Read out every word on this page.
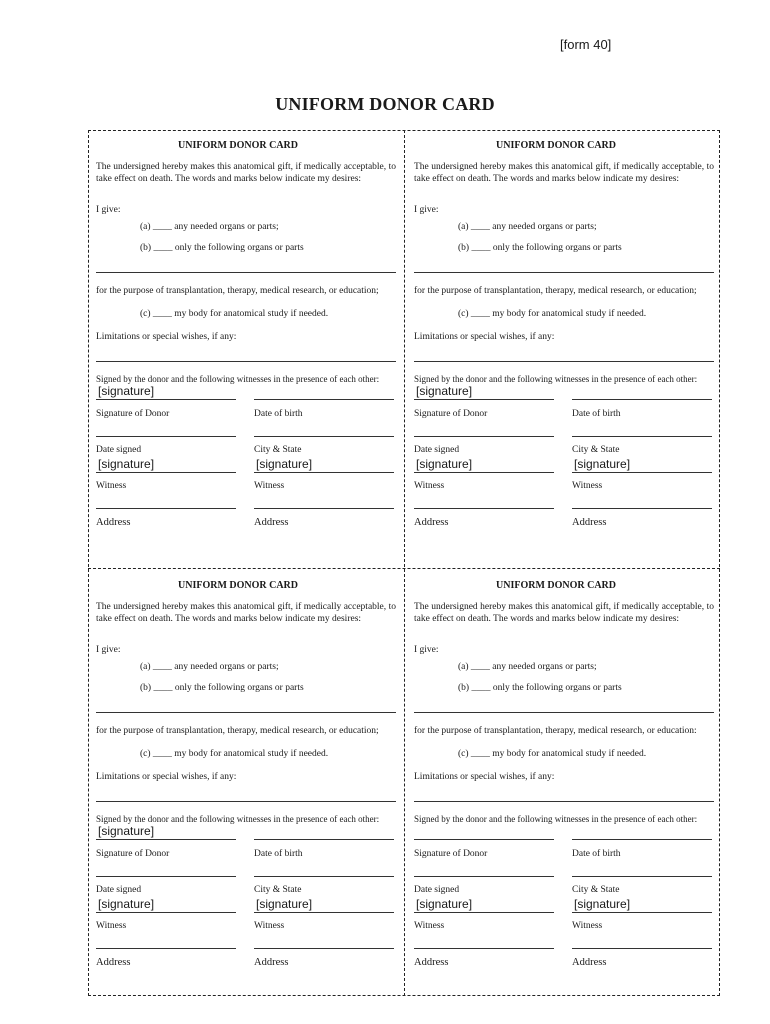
[form 40]
UNIFORM DONOR CARD
UNIFORM DONOR CARD
The undersigned hereby makes this anatomical gift, if medically acceptable, to take effect on death. The words and marks below indicate my desires:
I give:
(a) ____ any needed organs or parts;
(b) ____ only the following organs or parts
for the purpose of transplantation, therapy, medical research, or education;
(c) ____ my body for anatomical study if needed.
Limitations or special wishes, if any:
Signed by the donor and the following witnesses in the presence of each other:
[signature]
Signature of Donor	Date of birth
Date signed	City & State
[signature]	[signature]
Witness	Witness
Address	Address
UNIFORM DONOR CARD
The undersigned hereby makes this anatomical gift, if medically acceptable, to take effect on death. The words and marks below indicate my desires:
I give:
(a) ____ any needed organs or parts;
(b) ____ only the following organs or parts
for the purpose of transplantation, therapy, medical research, or education;
(c) ____ my body for anatomical study if needed.
Limitations or special wishes, if any:
Signed by the donor and the following witnesses in the presence of each other:
[signature]
Signature of Donor	Date of birth
Date signed	City & State
[signature]	[signature]
Witness	Witness
Address	Address
UNIFORM DONOR CARD
The undersigned hereby makes this anatomical gift, if medically acceptable, to take effect on death. The words and marks below indicate my desires:
I give:
(a) ____ any needed organs or parts;
(b) ____ only the following organs or parts
for the purpose of transplantation, therapy, medical research, or education;
(c) ____ my body for anatomical study if needed.
Limitations or special wishes, if any:
Signed by the donor and the following witnesses in the presence of each other:
[signature]
Signature of Donor	Date of birth
Date signed	City & State
[signature]	[signature]
Witness	Witness
Address	Address
UNIFORM DONOR CARD
The undersigned hereby makes this anatomical gift, if medically acceptable, to take effect on death. The words and marks below indicate my desires:
I give:
(a) ____ any needed organs or parts;
(b) ____ only the following organs or parts
for the purpose of transplantation, therapy, medical research, or education:
(c) ____ my body for anatomical study if needed.
Limitations or special wishes, if any:
Signed by the donor and the following witnesses in the presence of each other:
Signature of Donor	Date of birth
Date signed	City & State
[signature]	[signature]
Witness	Witness
Address	Address
